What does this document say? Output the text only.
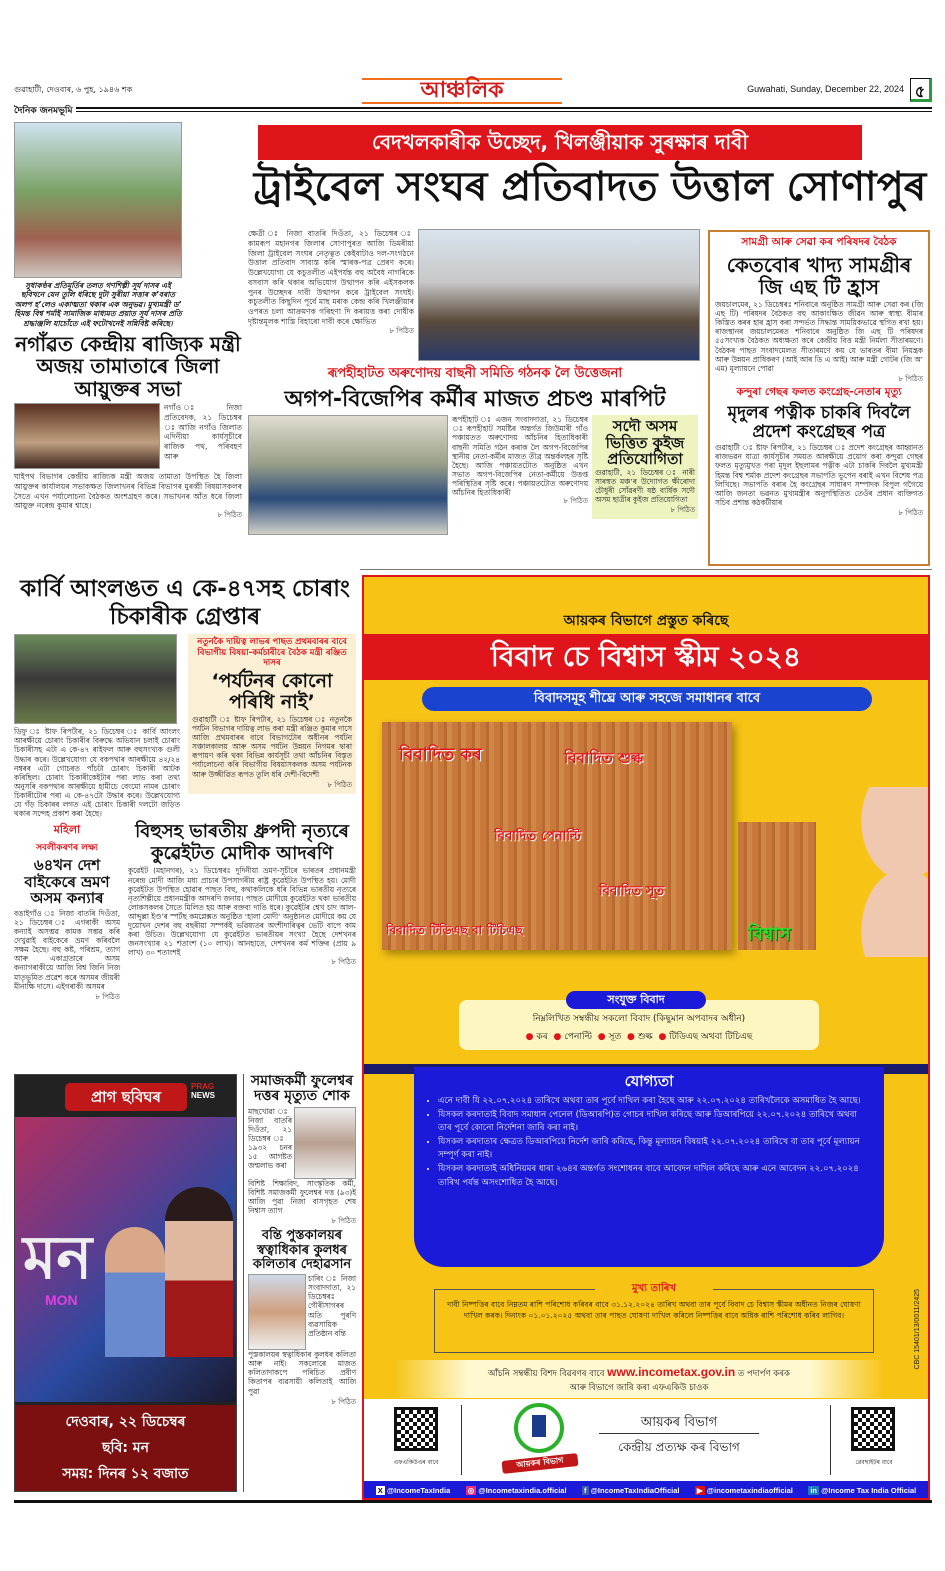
গুৱাহাটী, দেওবাৰ, ৬ পুহ, ১৯৪৬ শক	আঞ্চলিক	Guwahati, Sunday, December 22, 2024 ৫
দৈনিক জনমভূমি
সুধাকণ্ঠৰ প্ৰতিমূৰ্তিৰ তলত গণশিল্পী সূৰ্য দাসৰ এই ছবিখনে যেন তুলি ধৰিছে দুটা সুৰীয়া সত্তাৰ ক’বৰাত অলপ হ’লেও একাত্মতা থকাৰ এক অনুভৱ। মুখ্যমন্ত্ৰী ড’ হিমন্ত বিশ্ব শৰ্মাই সামাজিক মাধ্যমত প্ৰয়াত সূৰ্য দাসৰ প্ৰতি শ্ৰদ্ধাঞ্জলি যাচোঁতে এই ফটোখনেই সন্নিবিষ্ট কৰিছে।
নগাঁৱত কেন্দ্ৰীয় ৰাজ্যিক মন্ত্ৰী অজয় তামাতাৰে জিলা আয়ুক্তৰ সভা
নগাঁও ঃ নিজা প্ৰতিবেদক, ২১ ডিচেম্বৰ ঃ আজি নগাঁও জিলাত এদিনীয়া কাৰ্যসূচীৰে ৰাজিক পথ, পৰিবহণ আৰু
ঘাইপথ বিভাগৰ কেন্দ্ৰীয় ৰাজ্যিক মন্ত্ৰী অজয় তামাতা উপস্থিত হৈ জিলা আয়ুক্তৰ কাৰ্যালয়ৰ সভাকক্ষত জিলাখনৰ বিভিন্ন বিভাগৰ মুৰব্বী বিষয়াসকলৰ সৈতে এখন পৰ্যালোচনা বৈঠকত অংশগ্ৰহণ কৰে। সভাখনৰ আঁত ধৰে জিলা আয়ুক্ত নৰেন্দ্ৰ কুমাৰ শ্বাহে।
৮ পিঠিত
বেদখলকাৰীক উচ্ছেদ, খিলঞ্জীয়াক সুৰক্ষাৰ দাবী
ট্ৰাইবেল সংঘৰ প্ৰতিবাদত উত্তাল সোণাপুৰ
ক্ষেত্ৰী ঃ নিজা বাতৰি দিওঁতা, ২১ ডিচেম্বৰ ঃ কামৰূপ মহানগৰ জিলাৰ সোণাপুৰত আজি ডিমৰীয়া জিলা ট্ৰাইবেল সংঘৰ নেতৃত্বত কেইবাটাও দল-সংগঠনে উত্তাল প্ৰতিবাদ সাব্যস্ত কৰি স্মাৰক-পত্ৰ প্ৰেৰণ কৰে। উল্লেখযোগ্য যে কচুতলীত এইপৰ্যন্ত বহু অবৈধ নাগৰিকে বসবাস কৰি থকাৰ অভিযোগ উত্থাপন কৰি এইসকলক পুনৰ উচ্ছেদৰ দাবী উত্থাপন কৰে ট্ৰাইবেল সংঘই। কচুতলীত কিছুদিন পূৰ্বে মাছ মৰাক কেন্দ্ৰ কৰি খিলঞ্জীয়াৰ ওপৰত চলা আক্ৰমণক গৰিহণা দি কৰায়ত্ত কৰা দোষীক দৃষ্টান্তমূলক শাস্তি বিহাৰো দাবী কৰে ক্ষোভিত
৮ পিঠিত
ৰূপহীহাটত অৰুণোদয় বাছনী সমিতি গঠনক লৈ উত্তেজনা
অগপ-বিজেপিৰ কৰ্মীৰ মাজত প্ৰচণ্ড মাৰপিট
ৰূপহীহাট ঃ এজন সংবাদদাতা, ২১ ডিচেম্বৰ ঃ ৰূপহীহাট সমষ্টিৰ অন্তৰ্গত জিউমাৰী গাঁও পঞ্চায়তত অৰুণোদয় আঁচনিৰ হিতাধিকাৰী বাছনী সমিতি গঠন কৰাক লৈ অগপ-বিজেপিৰ স্থানীয় নেতা-কৰ্মীৰ মাজত তীব্ৰ অন্তৰ্কলহৰ সৃষ্টি হৈছে। আজি পঞ্চায়তটোত অনুষ্ঠিত এখন সভাত অগপ-বিজেপিৰ নেতা-কৰ্মীয়ে উত্তপ্ত পৰিস্থিতিৰ সৃষ্টি কৰে। পঞ্চায়তটোত অৰুণোদয় আঁচনিৰ হিতাধিকাৰী
৮ পিঠিত
সদৌ অসম ভিত্তিত কুইজ প্ৰতিযোগিতা
গুৱাহাটী, ২১ ডিচেম্বৰ ঃ নাৰী সাৰস্বত মঞ্চ’ৰ উদ্যোগত ক্ষীৰোদা চৌধুৰী সোঁৱৰণী ষষ্ঠ বাৰ্ষিক সদৌ অসম ছাত্ৰীৰ কুইজ প্ৰতিযোগিতা
৮ পিঠিত
সামগ্ৰী আৰু সেৱা কৰ পৰিষদৰ বৈঠক
কেতবোৰ খাদ্য সামগ্ৰীৰ জি এছ টি হ্ৰাস
জয়চালমেৰ, ২১ ডিচেম্বৰঃ শনিবাৰে অনুষ্ঠিত সামগ্ৰী আৰু সেৱা কৰ (জি এছ টি) পৰিষদৰ বৈঠকত বহু আকাংক্ষিত জীৱন আৰু স্বাস্থ্য বীমাৰ কিস্তিত কৰৰ হাৰ হ্ৰাস কৰা সন্দৰ্ভত সিদ্ধান্ত সাময়িকভাৱে স্থগিত ৰখা হয়। ৰাজস্থানৰ জয়চালমেৰত শনিবাৰে অনুষ্ঠিত জি এছ টি পৰিষদৰ ৫৫সংখ্যক বৈঠকত অধ্যক্ষতা কৰে কেন্দ্ৰীয় বিত্ত মন্ত্ৰী নিৰ্মলা সীতাৰমণে। বৈঠকৰ পাছত সংবাদমেলত সীতাৰমণে কয় যে ভাৰতৰ বীমা নিয়ন্ত্ৰক আৰু উন্নয়ন প্ৰাধিকৰণ (আই আৰ ডি এ আই) আৰু মন্ত্ৰী গোটৰ (জি অ’ এম) মূল্যায়নে পোৱা
৮ পিঠিত
কন্দুৰা গেছৰ ফলত কংগ্ৰেছ-নেতাৰ মৃত্যু
মৃদুলৰ পত্নীক চাকৰি দিবলৈ প্ৰদেশ কংগ্ৰেছৰ পত্ৰ
গুৱাহাটী ঃ ষ্টাফ ৰিপৰ্টাৰ, ২১ ডিচেম্বৰ ঃ প্ৰদেশ কংগ্ৰেছৰ আহ্বানত ৰাজভৱন যাত্ৰা কাৰ্যসূচীৰ সময়ত আৰক্ষীয়ে প্ৰয়োগ কৰা কন্দুৱা গেছৰ ফলত মৃত্যুমুখত পৰা মৃদুল ইছলামৰ পত্নীক এটা চাকৰি দিবলৈ মুখ্যমন্ত্ৰী হিমন্ত বিশ্ব শৰ্মাক প্ৰদেশ কংগ্ৰেছৰ সভাপতি ভূপেন বৰাই এখন বিশেষ পত্ৰ লিখিছে। সভাপতি বৰাৰ হৈ কংগ্ৰেছৰ সাধাৰণ সম্পাদক বিপুল গগৈয়ে আজি জনতা ভৱনত মুখ্যমন্ত্ৰীৰ অনুপস্থিতিত তেওঁৰ প্ৰধান ব্যক্তিগত সচিব প্ৰশান্ত কঠকটীয়াৰ
৮ পিঠিত
কাৰ্বি আংলঙত এ কে-৪৭সহ চোৰাং চিকাৰীক গ্ৰেপ্তাৰ
ডিফু ঃ ষ্টাফ ৰিপৰ্টাৰ, ২১ ডিচেম্বৰ ঃ কাৰ্বি আংলং আৰক্ষীয়ে চোৰাং চিকাৰীৰ বিৰুদ্ধে অভিযান চলাই চোৰাং চিকাৰীসহ এটা এ কে-৪৭ ৰাইফল আৰু বহুসংখ্যক গুলী উদ্ধাৰ কৰে। উল্লেখযোগ্য যে বকপথাৰ আৰক্ষীয়ে ৪২/২৪ নম্বৰৰ এটা গোচৰত পাঁচটা চোৰাং চিকাৰী আটক কৰিছিল। চোৰাং চিকাৰীকেইটাৰ পৰা লাভ কৰা তথ্য অনুসৰি বকপথাৰ আৰক্ষীয়ে হামীচে বেংমো নামৰ চোৰাং চিকাৰীটোৰ পৰা এ কে-৪৭টো উদ্ধাৰ কৰে। উল্লেখযোগ্য যে গঁড় চিকাৰৰ লগত এই চোৰাং চিকাৰী দলটো জড়িত থকাৰ সন্দেহ প্ৰকাশ কৰা হৈছে।
নতুনকৈ দায়িত্ব লাভৰ পাছত প্ৰথমবাৰৰ বাবে বিভাগীয় বিষয়া-কৰ্মচাৰীৰে বৈঠক মন্ত্ৰী ৰঞ্জিত দাসৰ
‘পৰ্যটনৰ কোনো পৰিধি নাই’
গুৱাহাটী ঃ ষ্টাফ ৰিপৰ্টাৰ, ২১ ডিচেম্বৰ ঃ নতুনকৈ পৰ্যটন বিভাগৰ দায়িত্ব লাভ কৰা মন্ত্ৰী ৰঞ্জিত কুমাৰ দাসে আজি প্ৰথমবাৰৰ বাবে বিভাগটোৰ অধীনৰ পৰ্যটন সঞ্চালকালয় আৰু অসম পৰ্যটন উন্নয়ন নিগমৰ দ্বাৰা ৰূপায়ণ কৰি থকা বিভিন্ন কাৰ্যসূচী তথা আঁচনিৰ বিস্তৃত পৰ্যালোচনা কৰি বিভাগীয় বিষয়াসকলক অসম পৰ্যটনক আৰু উজ্জীৱিত ৰূপত তুলি ধৰি দেশী-বিদেশী
৮ পিঠিত
মহিলা
সবলীকৰণৰ লক্ষ্য
৬৪খন দেশ বাইকেৰে ভ্ৰমণ অসম কন্যাৰ
বঙাইগাঁও ঃ নিজা বাতৰি দিওঁতা, ২১ ডিচেম্বৰ ঃ এগৰাকী অসম কন্যাই অসম্ভৱ কামক সম্ভৱ কৰি দেখুৱাই বাইকেৰে ভ্ৰমণ কৰিবলৈ সক্ষম হৈছে। বহু কষ্ট, পৰিশ্ৰম, ত্যাগ আৰু একাগ্ৰতাৰে অসম কন্যাগৰাকীয়ে আজি বিশ্ব জিনি নিজ মাতৃভূমিত প্ৰৱেশ কৰে অসমৰ জীয়ৰী মীনাক্ষি দাসে। এইগৰাকী অসমৰ
৮ পিঠিত
বিহুসহ ভাৰতীয় ধ্ৰুপদী নৃত্যৰে কুৱেইটত মোদীক আদৰণি
কুৱেইট (মহানগৰ), ২১ ডিচেম্বৰঃ দুদিনীয়া ভ্ৰমণ-সূচীৰে ভাৰতৰ প্ৰধানমন্ত্ৰী নৰেন্দ্ৰ মোদী আজি মধ্য প্ৰাচ্যৰ উপসাগৰীয় ৰাষ্ট্ৰ কুৱেইটত উপস্থিত হয়। মোদী কুৱেইটত উপস্থিত হোৱাৰ পাছত বিহু, কথাকলিকে ধৰি বিভিন্ন ভাৰতীয় নৃত্যৰে নৃত্যশিল্পীয়ে প্ৰধানমন্ত্ৰীক আদৰণি জনায়। পাছত মোদীয়ে কুৱেইটত থকা ভাৰতীয় লোকসকলৰ সৈতে মিলিত হয় আৰু বক্তব্য দাঙি ধৰে। কুৱেইটৰ শ্বেখ চাদ আল-আব্দুল্লা ইণ্ড’ৰ স্পৰ্টছ কমপ্লেক্সত অনুষ্ঠিত ‘হালা মোদী’ অনুষ্ঠানত মোদীয়ে কয় যে দুয়োখন দেশৰ বহু বছৰীয়া সম্পৰ্কই ভৱিষ্যতৰ অংশীদাৰিত্বৰ ভেটি বাপে কাম কৰা উচিত। উল্লেখযোগ্য যে কুৱেইটত ভাৰতীয়ৰ সংখ্যা হৈছে দেশখনৰ জনসংখ্যাৰ ২১ শতাংশ (১০ লাখ)। আনহাতে, দেশখনৰ কৰ্ম শক্তিৰ (প্ৰায় ৯ লাখ) ৩০ শতাংশই
৮ পিঠিত
প্ৰাগ ছবিঘৰ
PRAG
NEWS
মন
MON
দেওবাৰ, ২২ ডিচেম্বৰ
ছবি: মন
সময়: দিনৰ ১২ বজাত
সমাজকৰ্মী ফুলেশ্বৰ দত্তৰ মৃত্যুত শোক
মাছখোৱা ঃ নিজা বাতৰি দিওঁতা, ২১ ডিচেম্বৰ ঃ ১৯৩২ চনৰ ১৫ আগষ্টত জন্মলাভ কৰা
বিশিষ্ট শিক্ষাবিদ, সাংস্কৃতিক কৰ্মী, বিশিষ্ট সমাজকৰ্মী ফুলেশ্বৰ দত্ত (৯৩)ই আজি পুৱা নিজা বাসগৃহত শেষ নিশ্বাস ত্যাগ
৮ পিঠিত
বন্তি পুস্তকালয়ৰ স্বত্বাধিকাৰ কুলধৰ কলিতাৰ দেহাৱসান
চাৰিং ঃ নিজা সংবাদদাতা, ২১ ডিচেম্বৰঃ গৌৰীসাগৰৰ অতি পুৰণি ব্যৱসায়িক প্ৰতিষ্ঠান বন্তি
পুস্তকালয়ৰ স্বত্বাধিকাৰ কুলধৰ কলিতা আৰু নাই। সকলোৰে মাজত কলিতাদাকপে পৰিচিত প্ৰবীণ কিতাপৰ ব্যৱসায়ী কলিতাই আজি পুৱা
৮ পিঠিত
আয়কৰ বিভাগে প্ৰস্তুত কৰিছে
বিবাদ চে বিশ্বাস স্কীম ২০২৪
বিবাদসমূহ শীঘ্ৰে আৰু সহজে সমাধানৰ বাবে
বিবাদিত কৰ	বিবাদিত শুল্ক
বিবাদিত পেনাল্টি
বিবাদিত সূত
বিবাদিত টিডিএছ বা টিচিএছ	বিশ্বাস
সংযুক্ত বিবাদ
নিম্নলিখিত সম্বন্ধীয় সকলো বিবাদ (কিছুমান অপবাদৰ অধীন)
● কৰ ● পেনাল্টি ● সূত ● শুল্ক ● টিডিএছ অথবা টিচিএছ
যোগ্যতা
• এনে দাবী যি ২২.০৭.২০২৪ তাৰিখে অথবা তাৰ পূৰ্বে দাখিল কৰা হৈছে আৰু ২২.০৭.২০২৪ তাৰিখলৈকে অসমাধিত হৈ আছে।
• যিসকল কৰদাতাই বিবাদ সমাধান পেনেল (ডিআৰপি)ত গোচৰ দাখিল কৰিছে আৰু ডিআৰপিয়ে ২২.০৭.২০২৪ তাৰিখে অথবা তাৰ পূৰ্বে কোনো নিৰ্দেশনা জাৰি কৰা নাই।
• যিসকল কৰদাতাৰ ক্ষেত্ৰত ডিআৰপিয়ে নিৰ্দেশ জাৰি কৰিছে, কিন্তু মূল্যায়ন বিষয়াই ২২.০৭.২০২৪ তাৰিখে বা তাৰ পূৰ্বে মূল্যায়ন সম্পূৰ্ণ কৰা নাই।
• যিসকল কৰদাতাই অধিনিয়মৰ ধাৰা ২৬৪ৰ অন্তৰ্গত সংশোধনৰ বাবে আবেদন দাখিল কৰিছে আৰু এনে আবেদন ২২.০৭.২০২৪ তাৰিখ পৰ্যন্ত অসংশোধিত হৈ আছে।
মুখ্য তাৰিখ
দাবী নিষ্পত্তিৰ বাবে নিম্নতম ৰাশি পৰিশোধ কৰিবৰ বাবে ৩১.১২.২০২৪ তাৰিখ অথবা তাৰ পূৰ্বে বিবাদ চে বিশ্বাস স্কীমৰ অধীনত নিজৰ ঘোষণা দাখিল কৰক। দিনাংক ০১.০১.২০২৫ অথবা তাৰ পাছত ঘোষণা দাখিল কৰিলে নিষ্পত্তিৰ বাবে অধিক ৰাশি পৰিশোধ কৰিব লাগিব।
আঁচনি সম্বন্ধীয় বিশদ বিৱৰণৰ বাবে www.incometax.gov.in ত পদাৰ্পণ কৰক
আৰু বিভাগে জাৰি কৰা এফএকিউ চাওক
CBC 15401/13/0011/2425
এফএকিউএৰ বাবে	আয়কৰ বিভাগ
আয়কৰ বিভাগ
কেন্দ্ৰীয় প্ৰত্যক্ষ কৰ বিভাগ
ৱেবছাইটৰ বাবে
X @IncomeTaxIndia ◎ @Incometaxindia.official f @IncomeTaxIndiaOfficial ▶ @incometaxindiaofficial in @Income Tax India Official
